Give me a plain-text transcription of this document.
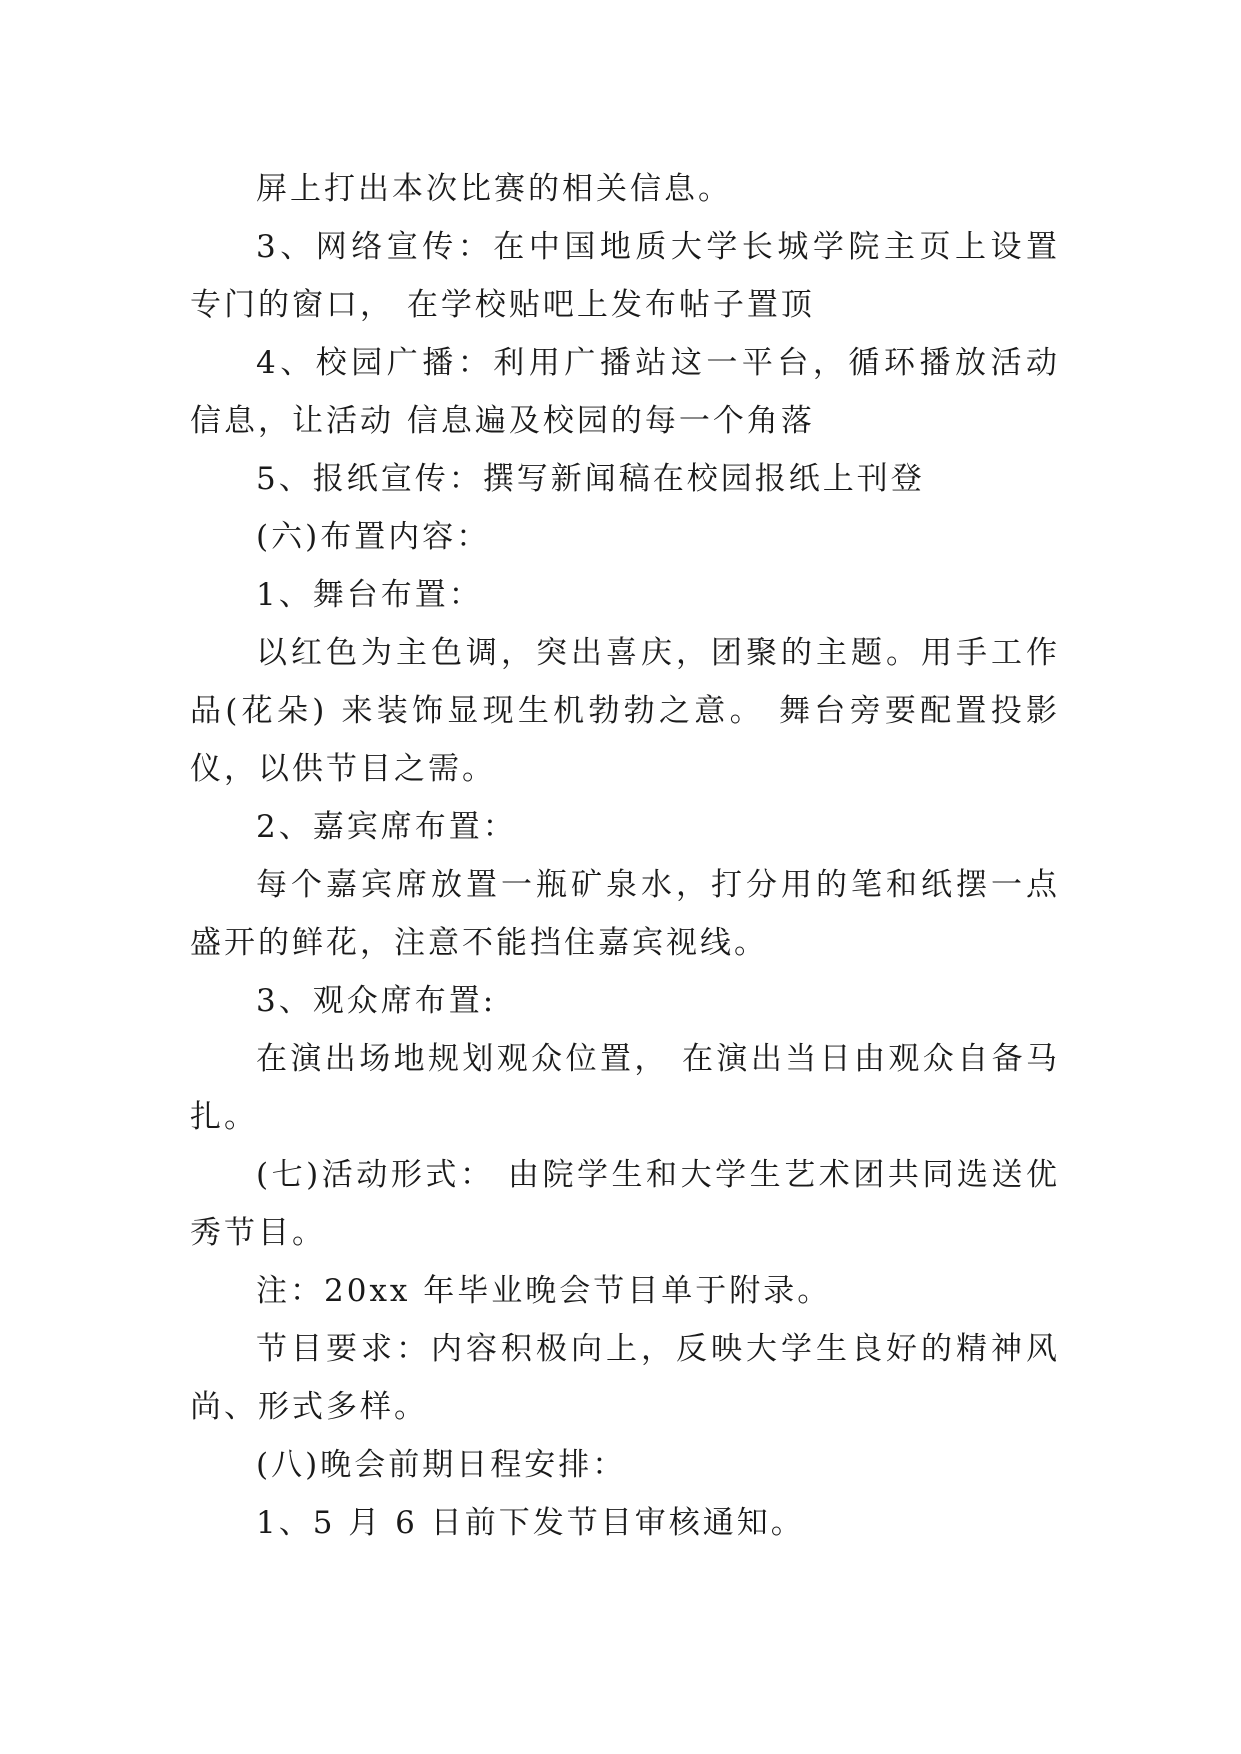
屏上打出本次比赛的相关信息。

3、网络宣传：在中国地质大学长城学院主页上设置专门的窗口， 在学校贴吧上发布帖子置顶

4、校园广播：利用广播站这一平台，循环播放活动信息，让活动 信息遍及校园的每一个角落

5、报纸宣传：撰写新闻稿在校园报纸上刊登

(六)布置内容：

1、舞台布置：

以红色为主色调，突出喜庆，团聚的主题。用手工作品(花朵) 来装饰显现生机勃勃之意。 舞台旁要配置投影仪，以供节目之需。

2、嘉宾席布置：

每个嘉宾席放置一瓶矿泉水，打分用的笔和纸摆一点盛开的鲜花，注意不能挡住嘉宾视线。

3、观众席布置:

在演出场地规划观众位置， 在演出当日由观众自备马扎。

(七)活动形式： 由院学生和大学生艺术团共同选送优秀节目。

注：20xx 年毕业晚会节目单于附录。

节目要求：内容积极向上，反映大学生良好的精神风尚、形式多样。

(八)晚会前期日程安排：

1、5 月 6 日前下发节目审核通知。
